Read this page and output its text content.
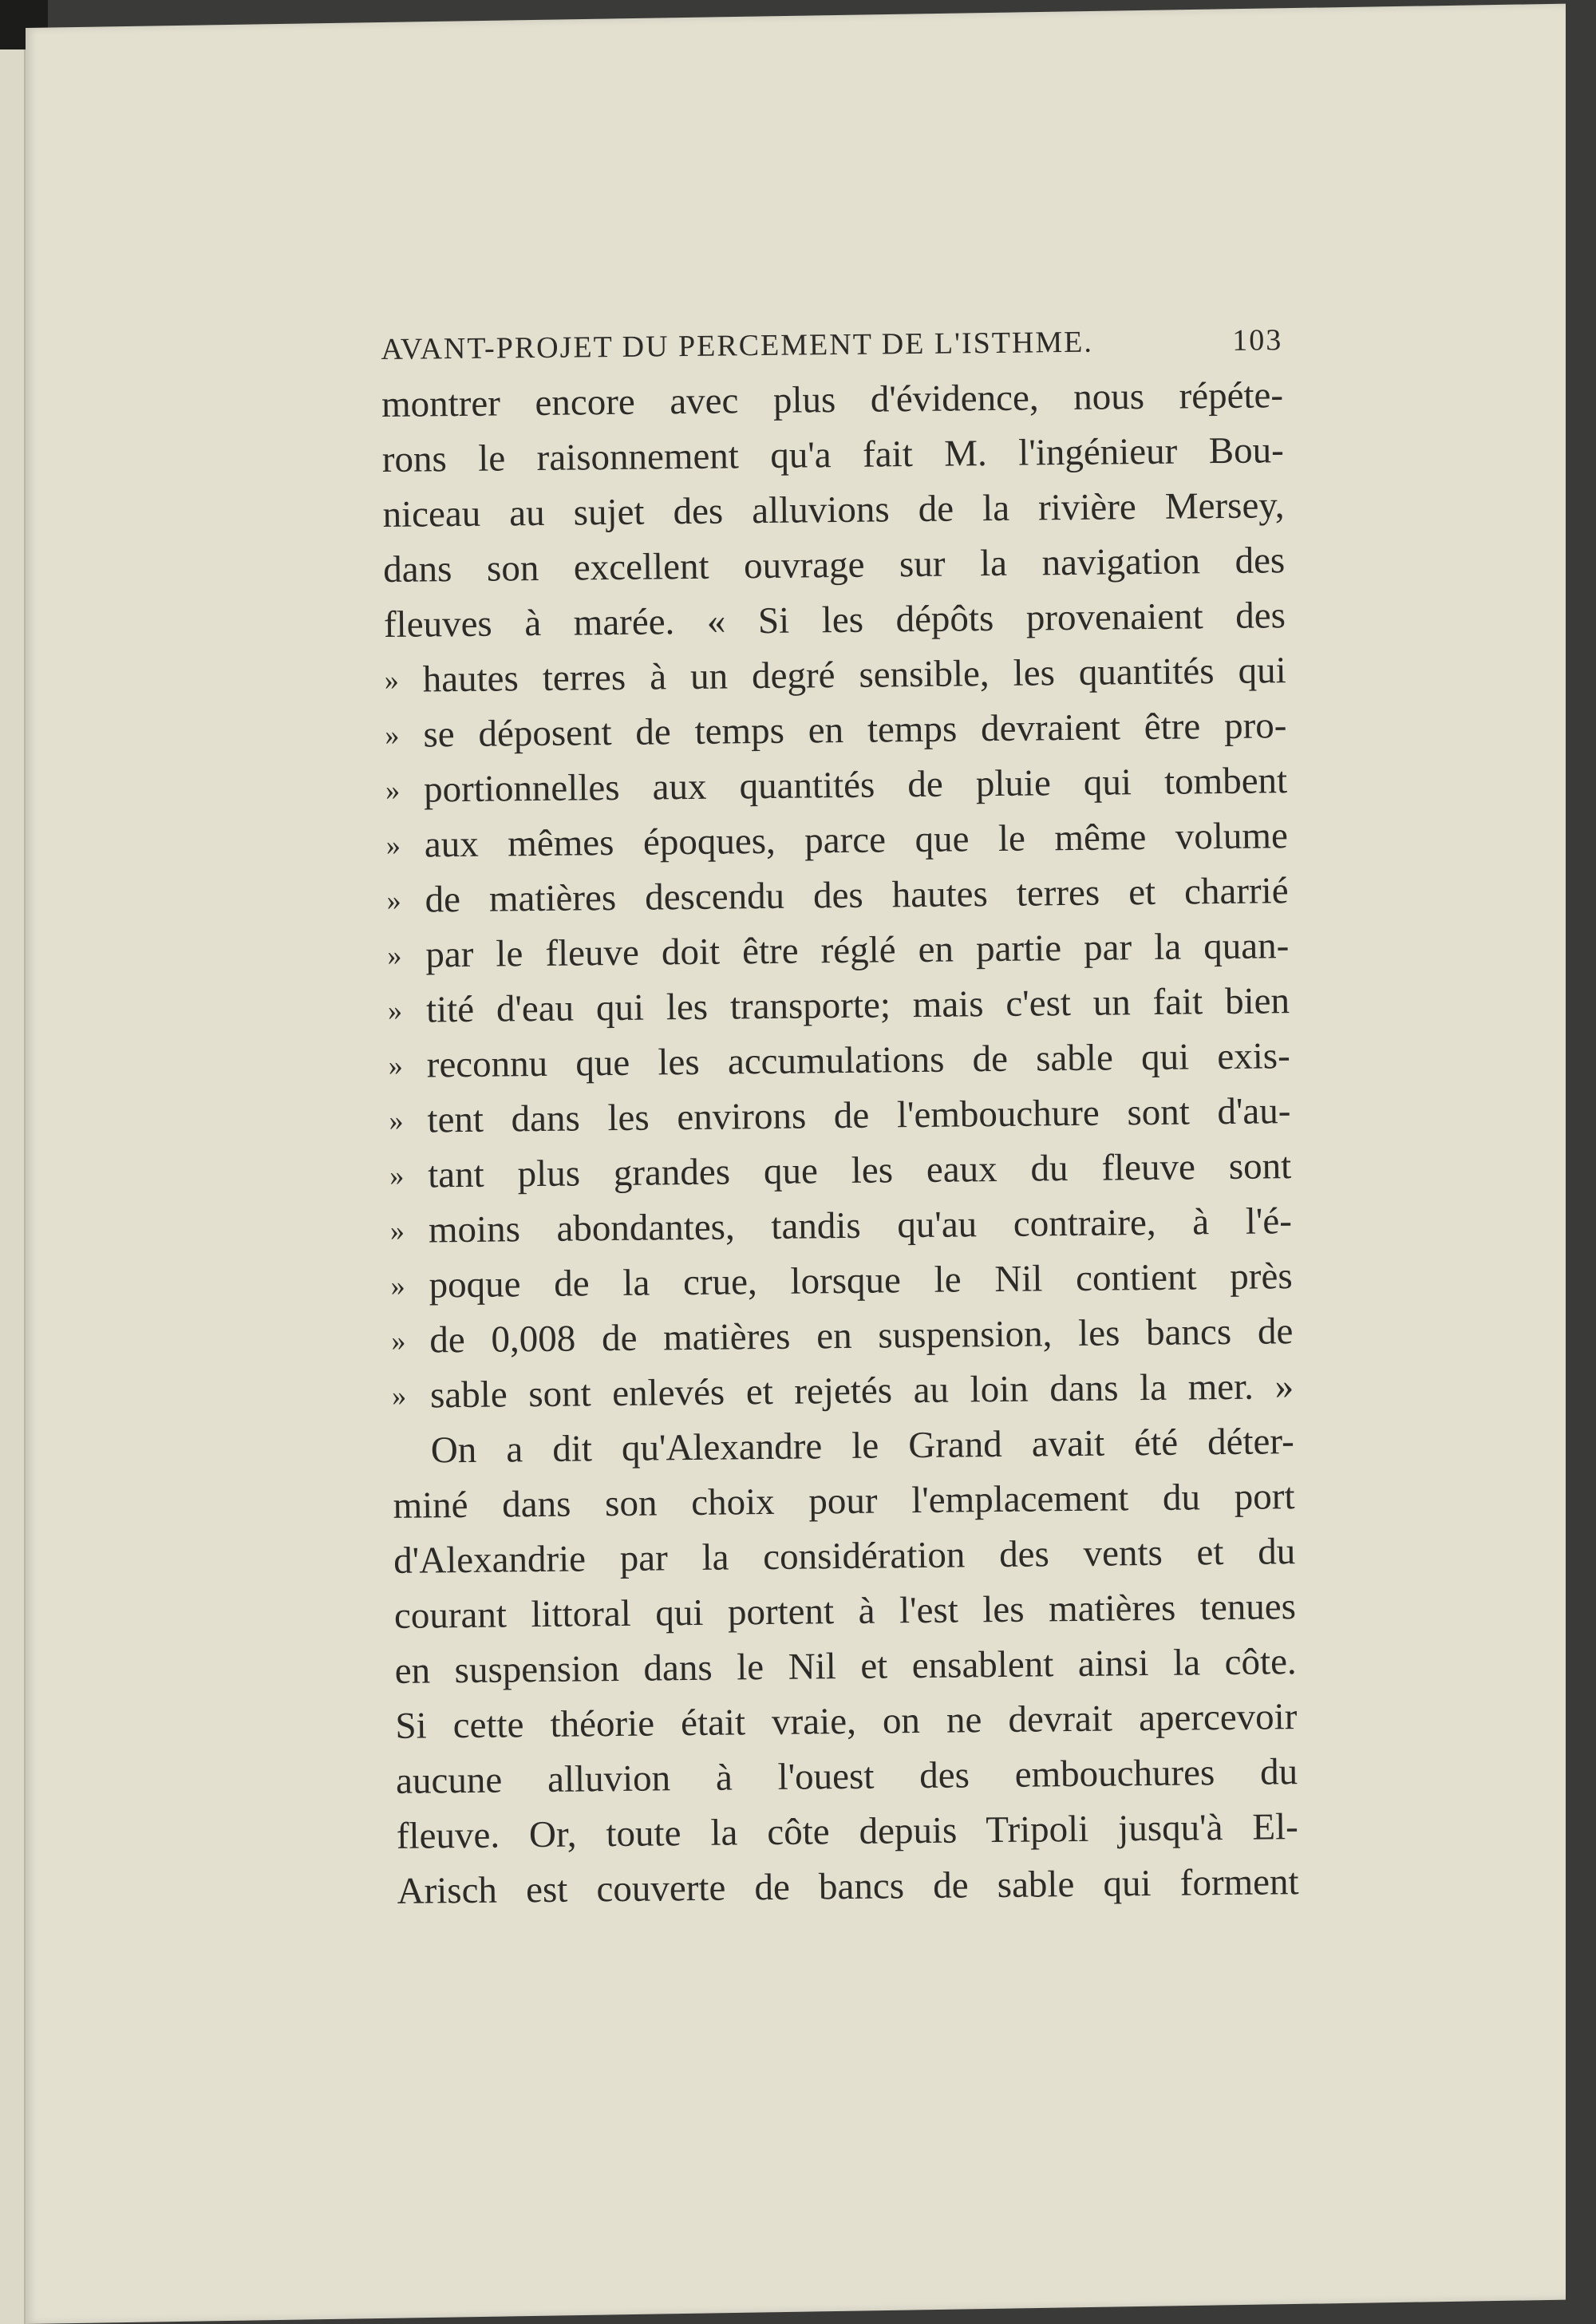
AVANT-PROJET DU PERCEMENT DE L'ISTHME.	103
montrer encore avec plus d'évidence, nous répéte-
rons le raisonnement qu'a fait M. l'ingénieur Bou-
niceau au sujet des alluvions de la rivière Mersey,
dans son excellent ouvrage sur la navigation des
fleuves à marée. « Si les dépôts provenaient des
» hautes terres à un degré sensible, les quantités qui
» se déposent de temps en temps devraient être pro-
» portionnelles aux quantités de pluie qui tombent
» aux mêmes époques, parce que le même volume
» de matières descendu des hautes terres et charrié
» par le fleuve doit être réglé en partie par la quan-
» tité d'eau qui les transporte; mais c'est un fait bien
» reconnu que les accumulations de sable qui exis-
» tent dans les environs de l'embouchure sont d'au-
» tant plus grandes que les eaux du fleuve sont
» moins abondantes, tandis qu'au contraire, à l'é-
» poque de la crue, lorsque le Nil contient près
» de 0,008 de matières en suspension, les bancs de
» sable sont enlevés et rejetés au loin dans la mer. »
On a dit qu'Alexandre le Grand avait été déter-
miné dans son choix pour l'emplacement du port
d'Alexandrie par la considération des vents et du
courant littoral qui portent à l'est les matières tenues
en suspension dans le Nil et ensablent ainsi la côte.
Si cette théorie était vraie, on ne devrait apercevoir
aucune alluvion à l'ouest des embouchures du
fleuve. Or, toute la côte depuis Tripoli jusqu'à El-
Arisch est couverte de bancs de sable qui forment
